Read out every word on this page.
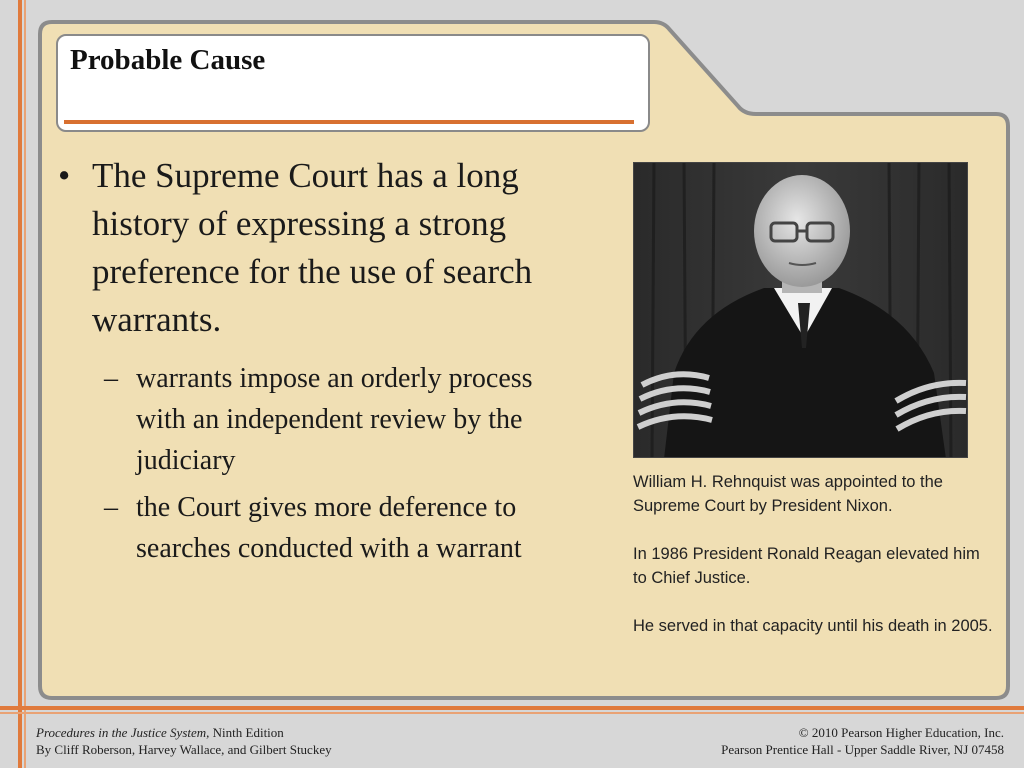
Probable Cause
• The Supreme Court has a long history of expressing a strong preference for the use of search warrants.
– warrants impose an orderly process with an independent review by the judiciary
– the Court gives more deference to searches conducted with a warrant

William H. Rehnquist was appointed to the Supreme Court by President Nixon.

In 1986 President Ronald Reagan elevated him to Chief Justice.

He served in that capacity until his death in 2005.

Procedures in the Justice System, Ninth Edition
By Cliff Roberson, Harvey Wallace, and Gilbert Stuckey
© 2010 Pearson Higher Education, Inc.
Pearson Prentice Hall - Upper Saddle River, NJ 07458
